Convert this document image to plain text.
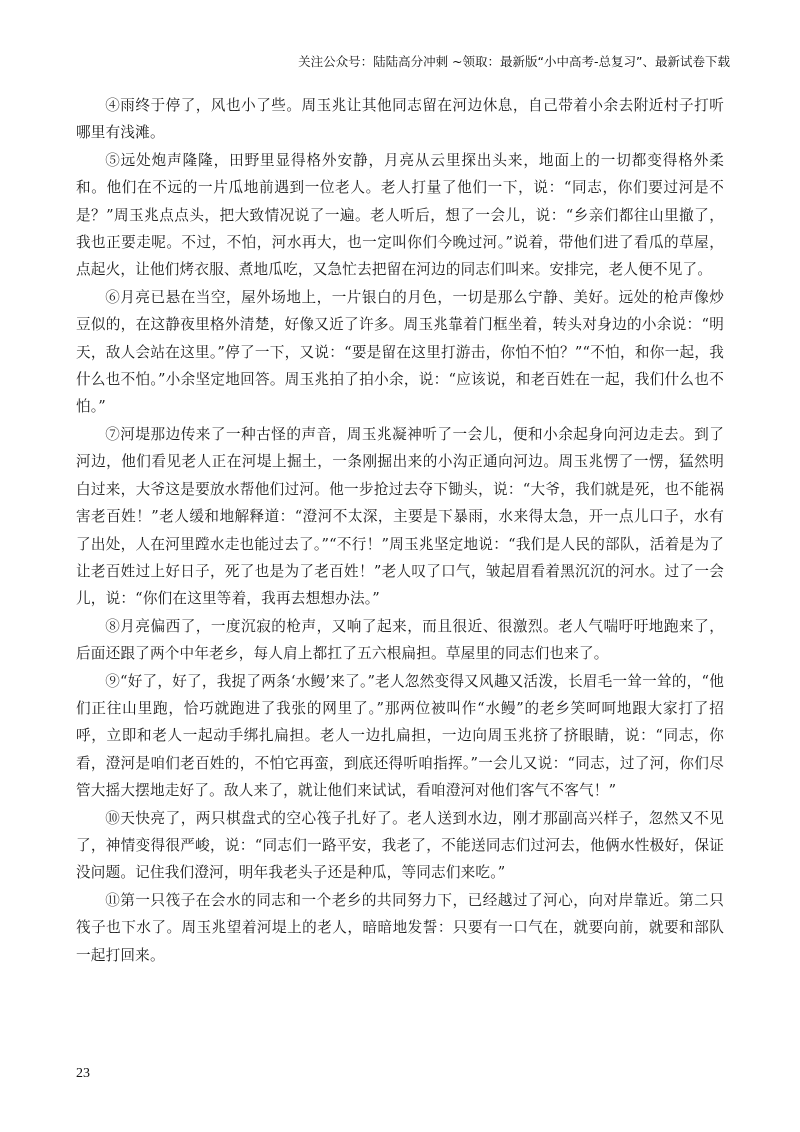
关注公众号：陆陆高分冲刺 ~领取：最新版“小中高考-总复习”、最新试卷下载

④雨终于停了，风也小了些。周玉兆让其他同志留在河边休息，自己带着小余去附近村子打听哪里有浅滩。

⑤远处炮声隆隆，田野里显得格外安静，月亮从云里探出头来，地面上的一切都变得格外柔和。他们在不远的一片瓜地前遇到一位老人。老人打量了他们一下，说：“同志，你们要过河是不是？”周玉兆点点头，把大致情况说了一遍。老人听后，想了一会儿，说：“乡亲们都往山里撤了，我也正要走呢。不过，不怕，河水再大，也一定叫你们今晚过河。”说着，带他们进了看瓜的草屋，点起火，让他们烤衣服、煮地瓜吃，又急忙去把留在河边的同志们叫来。安排完，老人便不见了。

⑥月亮已悬在当空，屋外场地上，一片银白的月色，一切是那么宁静、美好。远处的枪声像炒豆似的，在这静夜里格外清楚，好像又近了许多。周玉兆靠着门框坐着，转头对身边的小余说：“明天，敌人会站在这里。”停了一下，又说：“要是留在这里打游击，你怕不怕？”“不怕，和你一起，我什么也不怕。”小余坚定地回答。周玉兆拍了拍小余，说：“应该说，和老百姓在一起，我们什么也不怕。”

⑦河堤那边传来了一种古怪的声音，周玉兆凝神听了一会儿，便和小余起身向河边走去。到了河边，他们看见老人正在河堤上掘土，一条刚掘出来的小沟正通向河边。周玉兆愣了一愣，猛然明白过来，大爷这是要放水帮他们过河。他一步抢过去夺下锄头，说：“大爷，我们就是死，也不能祸害老百姓！”老人缓和地解释道：“澄河不太深，主要是下暴雨，水来得太急，开一点儿口子，水有了出处，人在河里蹚水走也能过去了。”“不行！”周玉兆坚定地说：“我们是人民的部队，活着是为了让老百姓过上好日子，死了也是为了老百姓！”老人叹了口气，皱起眉看着黑沉沉的河水。过了一会儿，说：“你们在这里等着，我再去想想办法。”

⑧月亮偏西了，一度沉寂的枪声，又响了起来，而且很近、很激烈。老人气喘吁吁地跑来了，后面还跟了两个中年老乡，每人肩上都扛了五六根扁担。草屋里的同志们也来了。

⑨“好了，好了，我捉了两条‘水鳗’来了。”老人忽然变得又风趣又活泼，长眉毛一耸一耸的，“他们正往山里跑，恰巧就跑进了我张的网里了。”那两位被叫作“水鳗”的老乡笑呵呵地跟大家打了招呼，立即和老人一起动手绑扎扁担。老人一边扎扁担，一边向周玉兆挤了挤眼睛，说：“同志，你看，澄河是咱们老百姓的，不怕它再蛮，到底还得听咱指挥。”一会儿又说：“同志，过了河，你们尽管大摇大摆地走好了。敌人来了，就让他们来试试，看咱澄河对他们客气不客气！”

⑩天快亮了，两只棋盘式的空心筏子扎好了。老人送到水边，刚才那副高兴样子，忽然又不见了，神情变得很严峻，说：“同志们一路平安，我老了，不能送同志们过河去，他俩水性极好，保证没问题。记住我们澄河，明年我老头子还是种瓜，等同志们来吃。”

⑪第一只筏子在会水的同志和一个老乡的共同努力下，已经越过了河心，向对岸靠近。第二只筏子也下水了。周玉兆望着河堤上的老人，暗暗地发誓：只要有一口气在，就要向前，就要和部队一起打回来。

23
